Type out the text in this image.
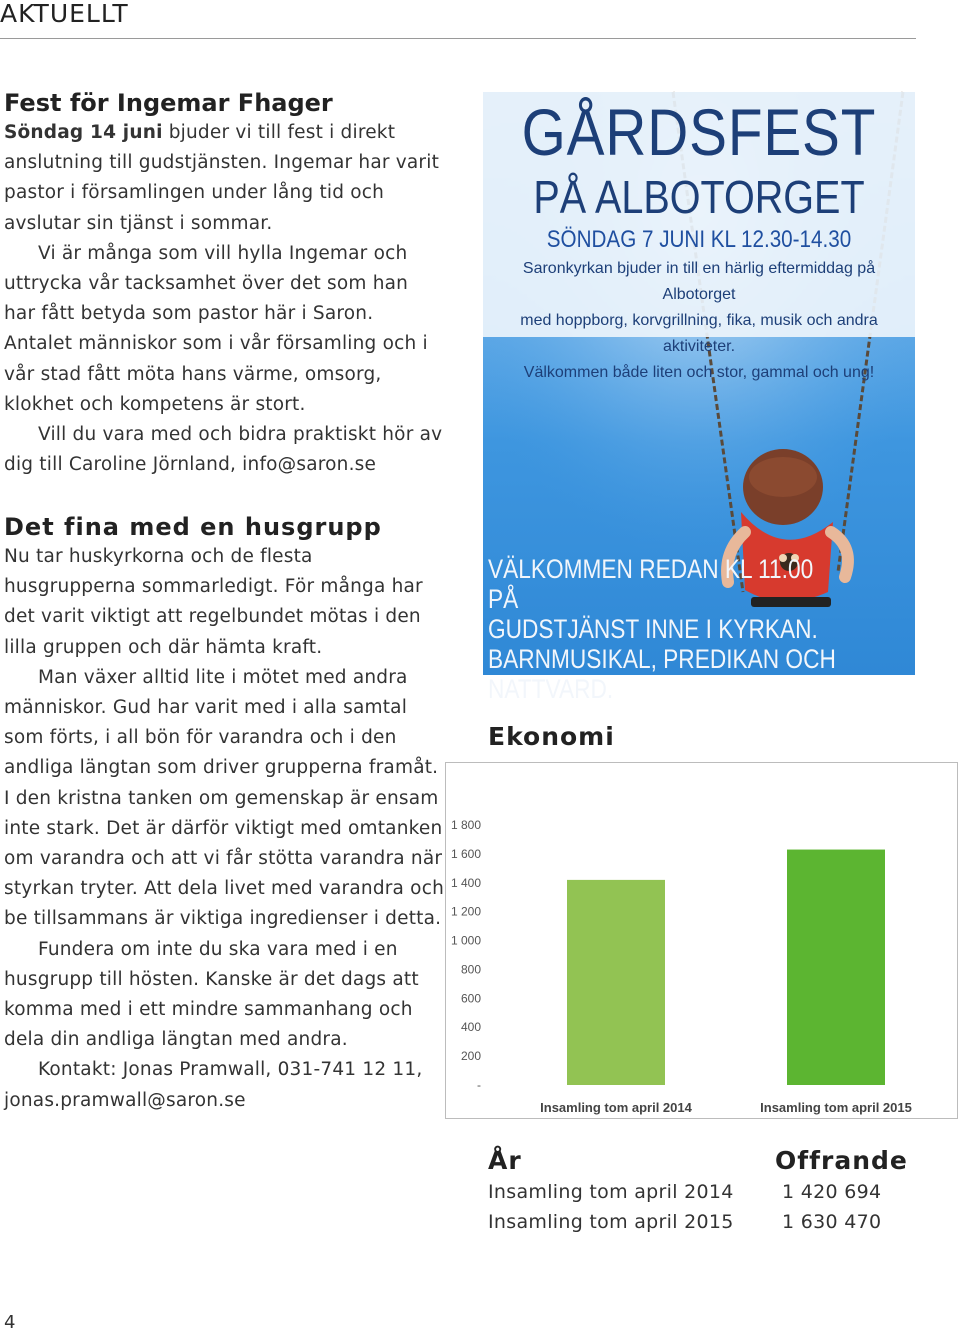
AKTUELLT
Fest för Ingemar Fhager

Söndag 14 juni bjuder vi till fest i direkt anslutning till gudstjänsten. Ingemar har varit pastor i församlingen under lång tid och avslutar sin tjänst i sommar.

Vi är många som vill hylla Ingemar och uttrycka vår tacksamhet över det som han har fått betyda som pastor här i Saron. Antalet människor som i vår församling och i vår stad fått möta hans värme, omsorg, klokhet och kompetens är stort.

Vill du vara med och bidra praktiskt hör av dig till Caroline Jörnland, info@saron.se

Det fina med en husgrupp

Nu tar huskyrkorna och de flesta husgrupperna sommarledigt. För många har det varit viktigt att regelbundet mötas i den lilla gruppen och där hämta kraft.

Man växer alltid lite i mötet med andra människor. Gud har varit med i alla samtal som förts, i all bön för varandra och i den andliga längtan som driver grupperna framåt. I den kristna tanken om gemenskap är ensam inte stark. Det är därför viktigt med omtanken om varandra och att vi får stötta varandra när styrkan tryter. Att dela livet med varandra och be tillsammans är viktiga ingredienser i detta.

Fundera om inte du ska vara med i en husgrupp till hösten. Kanske är det dags att komma med i ett mindre sammanhang och dela din andliga längtan med andra.

Kontakt: Jonas Pramwall, 031-741 12 11, jonas.pramwall@saron.se

GÅRDSFEST
PÅ ALBOTORGET
SÖNDAG 7 JUNI KL 12.30-14.30
Saronkyrkan bjuder in till en härlig eftermiddag på Albotorget
med hoppborg, korvgrillning, fika, musik och andra aktiviteter.
Välkommen både liten och stor, gammal och ung!
VÄLKOMMEN REDAN KL 11.00 PÅ
GUDSTJÄNST INNE I KYRKAN.
BARNMUSIKAL, PREDIKAN OCH
NATTVARD.
Ekonomi
-
200
400
600
800
1 000
1 200
1 400
1 600
1 800
Insamling tom april 2014	Insamling tom april 2015
År	Offrande
Insamling tom april 2014	1 420 694
Insamling tom april 2015	1 630 470
4
